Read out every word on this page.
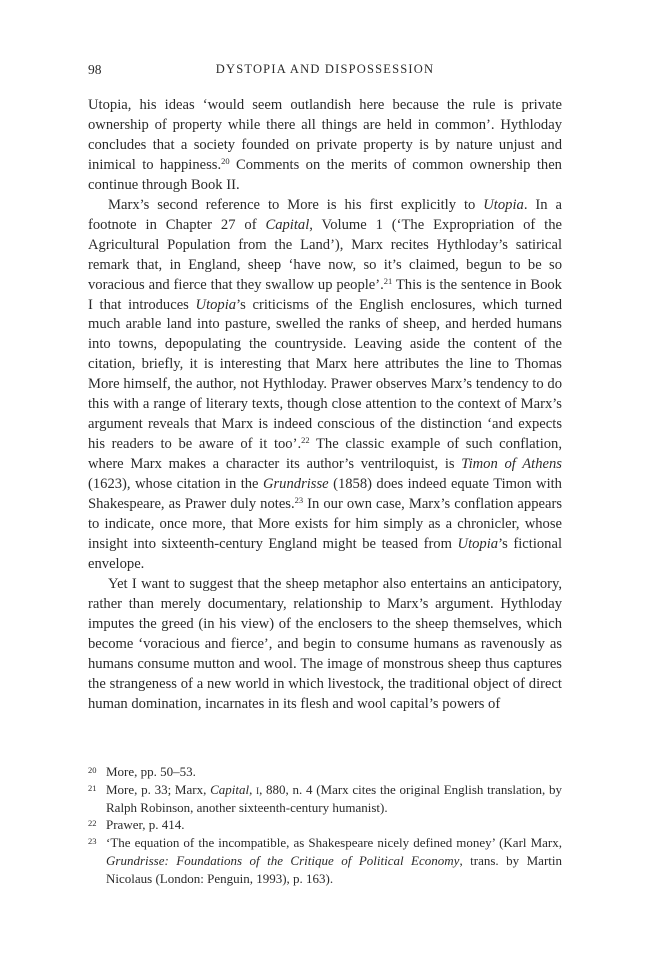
98	DYSTOPIA AND DISPOSSESSION

Utopia, his ideas ‘would seem outlandish here because the rule is private ownership of property while there all things are held in common’. Hythloday concludes that a society founded on private property is by nature unjust and inimical to happiness.$^{20}$ Comments on the merits of common ownership then continue through Book II.

Marx’s second reference to More is his first explicitly to Utopia. In a footnote in Chapter 27 of Capital, Volume 1 (‘The Expropriation of the Agricultural Population from the Land’), Marx recites Hythloday’s satirical remark that, in England, sheep ‘have now, so it’s claimed, begun to be so voracious and fierce that they swallow up people’.$^{21}$ This is the sentence in Book I that introduces Utopia’s criticisms of the English enclosures, which turned much arable land into pasture, swelled the ranks of sheep, and herded humans into towns, depopulating the countryside. Leaving aside the content of the citation, briefly, it is interesting that Marx here attributes the line to Thomas More himself, the author, not Hythloday. Prawer observes Marx’s tendency to do this with a range of literary texts, though close attention to the context of Marx’s argument reveals that Marx is indeed conscious of the distinction ‘and expects his readers to be aware of it too’.$^{22}$ The classic example of such conflation, where Marx makes a character its author’s ventriloquist, is Timon of Athens (1623), whose citation in the Grundrisse (1858) does indeed equate Timon with Shakespeare, as Prawer duly notes.$^{23}$ In our own case, Marx’s conflation appears to indicate, once more, that More exists for him simply as a chronicler, whose insight into sixteenth-century England might be teased from Utopia’s fictional envelope.

Yet I want to suggest that the sheep metaphor also entertains an anticipatory, rather than merely documentary, relationship to Marx’s argument. Hythloday imputes the greed (in his view) of the enclosers to the sheep themselves, which become ‘voracious and fierce’, and begin to consume humans as ravenously as humans consume mutton and wool. The image of monstrous sheep thus captures the strangeness of a new world in which livestock, the traditional object of direct human domination, incarnates in its flesh and wool capital’s powers of

20 More, pp. 50–53.
21 More, p. 33; Marx, Capital, i, 880, n. 4 (Marx cites the original English translation, by Ralph Robinson, another sixteenth-century humanist).
22 Prawer, p. 414.
23 ‘The equation of the incompatible, as Shakespeare nicely defined money’ (Karl Marx, Grundrisse: Foundations of the Critique of Political Economy, trans. by Martin Nicolaus (London: Penguin, 1993), p. 163).
